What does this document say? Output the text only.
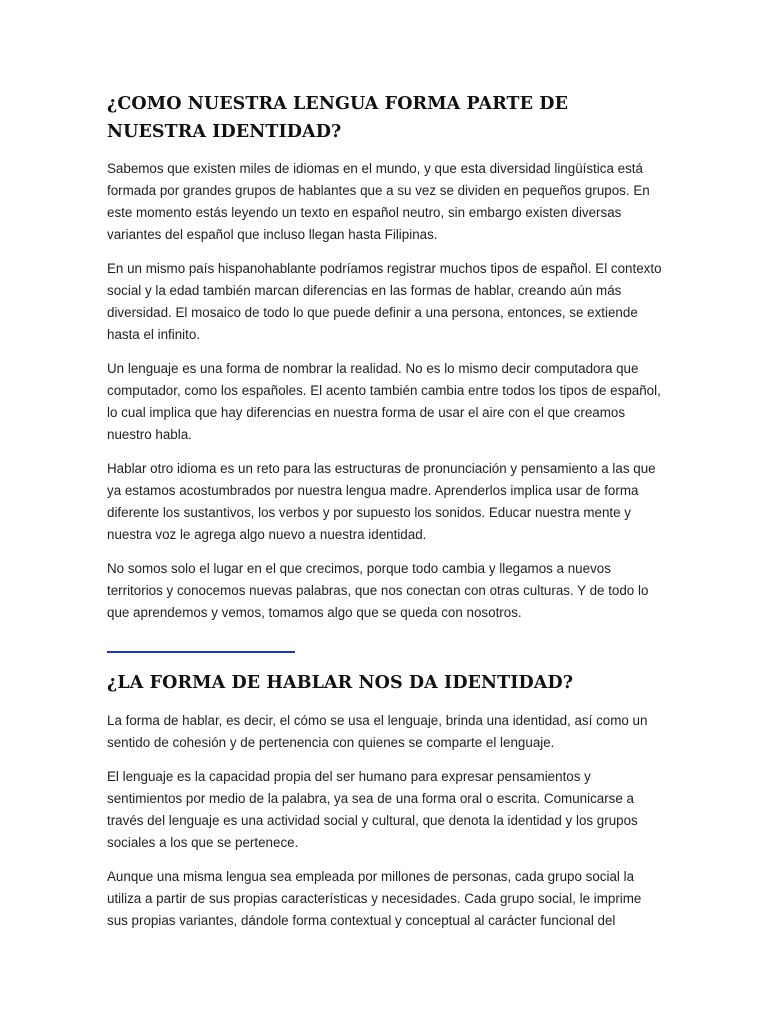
¿COMO NUESTRA LENGUA FORMA PARTE DE NUESTRA IDENTIDAD?

Sabemos que existen miles de idiomas en el mundo, y que esta diversidad lingüística está formada por grandes grupos de hablantes que a su vez se dividen en pequeños grupos. En este momento estás leyendo un texto en español neutro, sin embargo existen diversas variantes del español que incluso llegan hasta Filipinas.

En un mismo país hispanohablante podríamos registrar muchos tipos de español. El contexto social y la edad también marcan diferencias en las formas de hablar, creando aún más diversidad. El mosaico de todo lo que puede definir a una persona, entonces, se extiende hasta el infinito.

Un lenguaje es una forma de nombrar la realidad. No es lo mismo decir computadora que computador, como los españoles. El acento también cambia entre todos los tipos de español, lo cual implica que hay diferencias en nuestra forma de usar el aire con el que creamos nuestro habla.

Hablar otro idioma es un reto para las estructuras de pronunciación y pensamiento a las que ya estamos acostumbrados por nuestra lengua madre. Aprenderlos implica usar de forma diferente los sustantivos, los verbos y por supuesto los sonidos. Educar nuestra mente y nuestra voz le agrega algo nuevo a nuestra identidad.

No somos solo el lugar en el que crecimos, porque todo cambia y llegamos a nuevos territorios y conocemos nuevas palabras, que nos conectan con otras culturas. Y de todo lo que aprendemos y vemos, tomamos algo que se queda con nosotros.

¿LA FORMA DE HABLAR NOS DA IDENTIDAD?

La forma de hablar, es decir, el cómo se usa el lenguaje, brinda una identidad, así como un sentido de cohesión y de pertenencia con quienes se comparte el lenguaje.

El lenguaje es la capacidad propia del ser humano para expresar pensamientos y sentimientos por medio de la palabra, ya sea de una forma oral o escrita. Comunicarse a través del lenguaje es una actividad social y cultural, que denota la identidad y los grupos sociales a los que se pertenece.

Aunque una misma lengua sea empleada por millones de personas, cada grupo social la utiliza a partir de sus propias características y necesidades. Cada grupo social, le imprime sus propias variantes, dándole forma contextual y conceptual al carácter funcional del
